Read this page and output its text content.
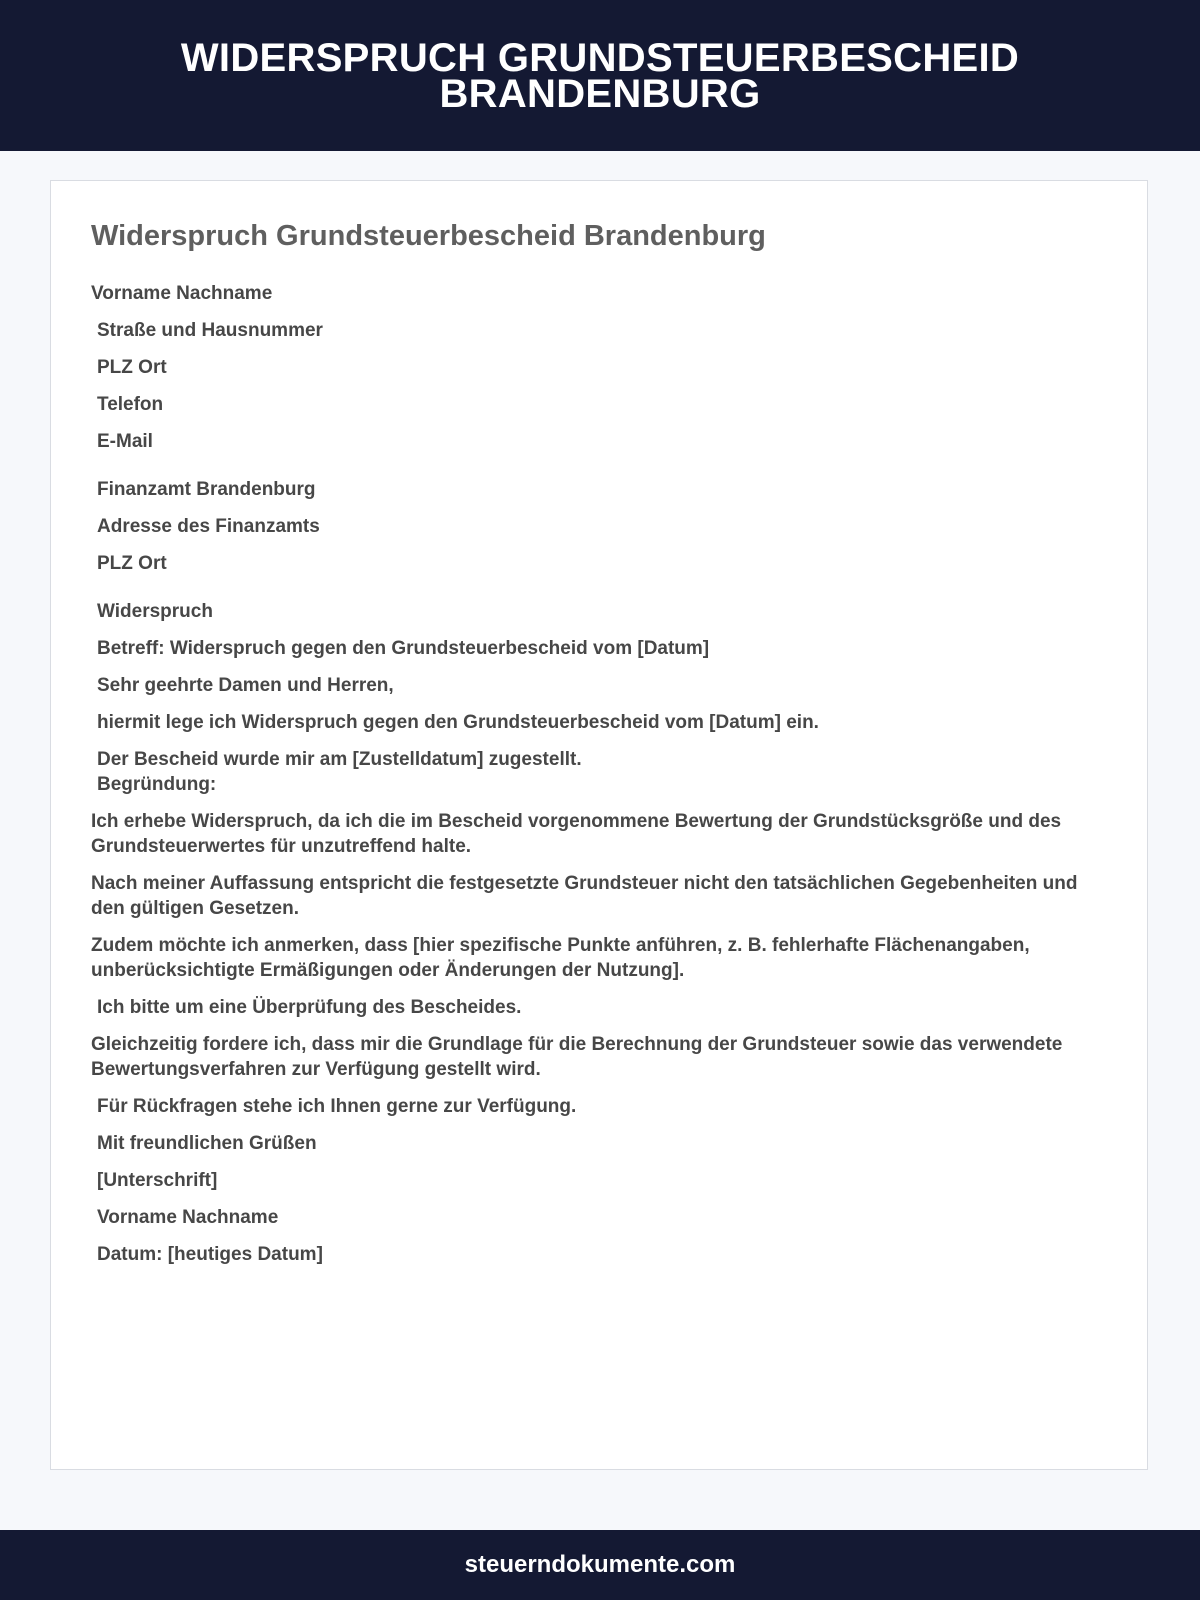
WIDERSPRUCH GRUNDSTEUERBESCHEID BRANDENBURG
Widerspruch Grundsteuerbescheid Brandenburg

Vorname Nachname

Straße und Hausnummer

PLZ Ort

Telefon

E-Mail

Finanzamt Brandenburg

Adresse des Finanzamts

PLZ Ort

Widerspruch

Betreff: Widerspruch gegen den Grundsteuerbescheid vom [Datum]

Sehr geehrte Damen und Herren,

hiermit lege ich Widerspruch gegen den Grundsteuerbescheid vom [Datum] ein.

Der Bescheid wurde mir am [Zustelldatum] zugestellt.

Begründung:

Ich erhebe Widerspruch, da ich die im Bescheid vorgenommene Bewertung der Grundstücksgröße und des Grundsteuerwertes für unzutreffend halte.

Nach meiner Auffassung entspricht die festgesetzte Grundsteuer nicht den tatsächlichen Gegebenheiten und den gültigen Gesetzen.

Zudem möchte ich anmerken, dass [hier spezifische Punkte anführen, z. B. fehlerhafte Flächenangaben, unberücksichtigte Ermäßigungen oder Änderungen der Nutzung].

Ich bitte um eine Überprüfung des Bescheides.

Gleichzeitig fordere ich, dass mir die Grundlage für die Berechnung der Grundsteuer sowie das verwendete Bewertungsverfahren zur Verfügung gestellt wird.

Für Rückfragen stehe ich Ihnen gerne zur Verfügung.

Mit freundlichen Grüßen

[Unterschrift]

Vorname Nachname

Datum: [heutiges Datum]

steuerndokumente.com
